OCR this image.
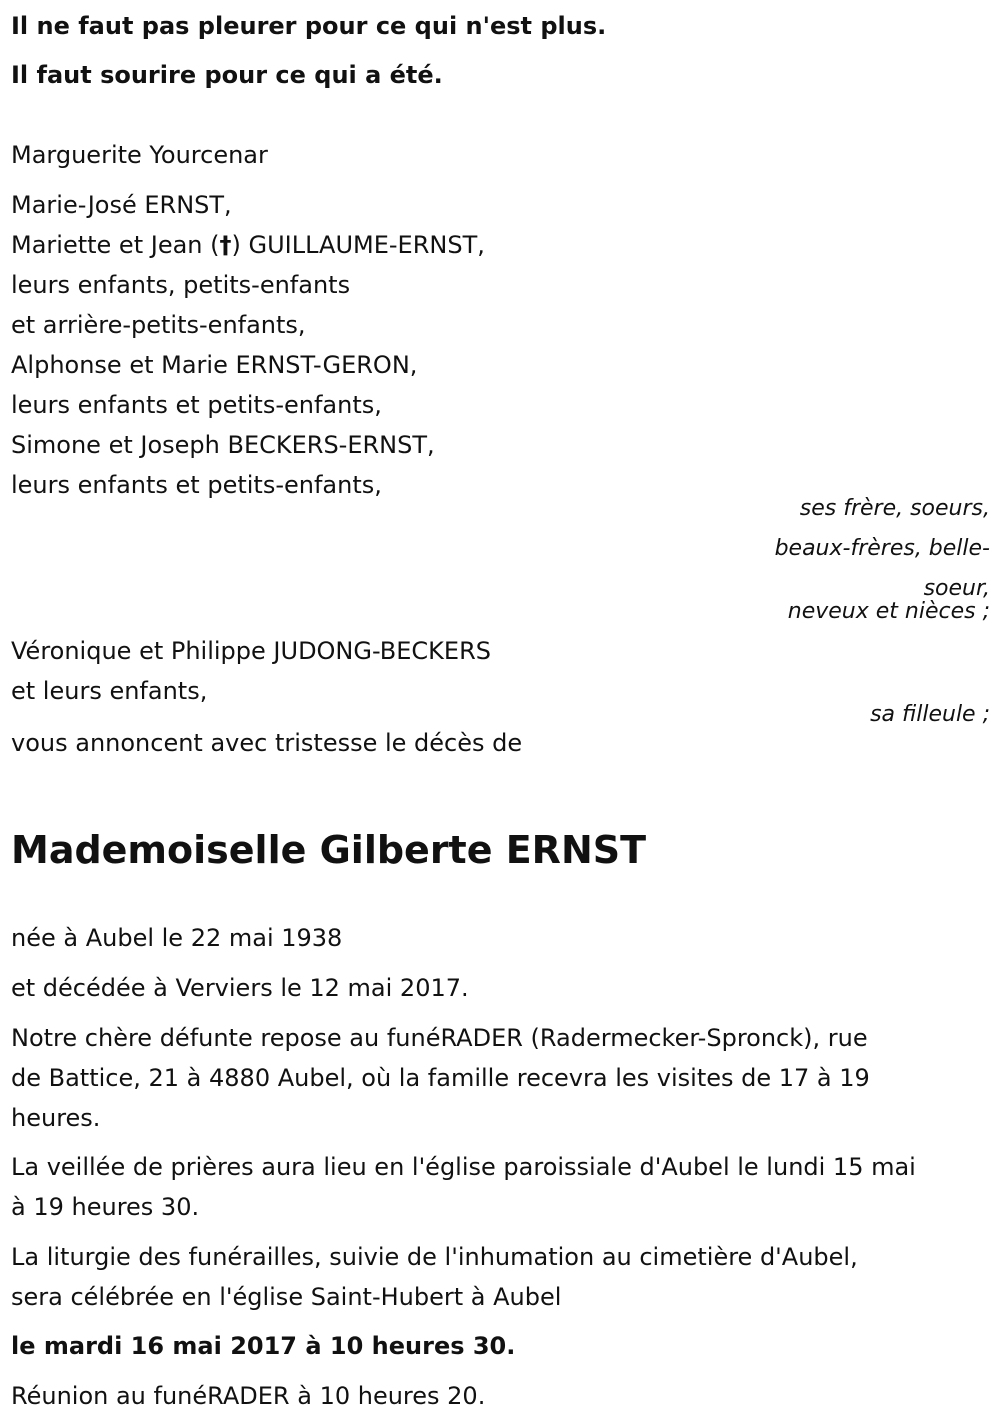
Il ne faut pas pleurer pour ce qui n'est plus.
Il faut sourire pour ce qui a été.
Marguerite Yourcenar
Marie-José ERNST,
Mariette et Jean (†) GUILLAUME-ERNST,
leurs enfants, petits-enfants
et arrière-petits-enfants,
Alphonse et Marie ERNST-GERON,
leurs enfants et petits-enfants,
Simone et Joseph BECKERS-ERNST,
leurs enfants et petits-enfants,
ses frère, soeurs,
beaux-frères, belle-
soeur,
neveux et nièces ;
Véronique et Philippe JUDONG-BECKERS
et leurs enfants,
sa filleule ;
vous annoncent avec tristesse le décès de
Mademoiselle Gilberte ERNST
née à Aubel le 22 mai 1938
et décédée à Verviers le 12 mai 2017.
Notre chère défunte repose au funéRADER (Radermecker-Spronck), rue
de Battice, 21 à 4880 Aubel, où la famille recevra les visites de 17 à 19
heures.
La veillée de prières aura lieu en l'église paroissiale d'Aubel le lundi 15 mai
à 19 heures 30.
La liturgie des funérailles, suivie de l'inhumation au cimetière d'Aubel,
sera célébrée en l'église Saint-Hubert à Aubel
le mardi 16 mai 2017 à 10 heures 30.
Réunion au funéRADER à 10 heures 20.
